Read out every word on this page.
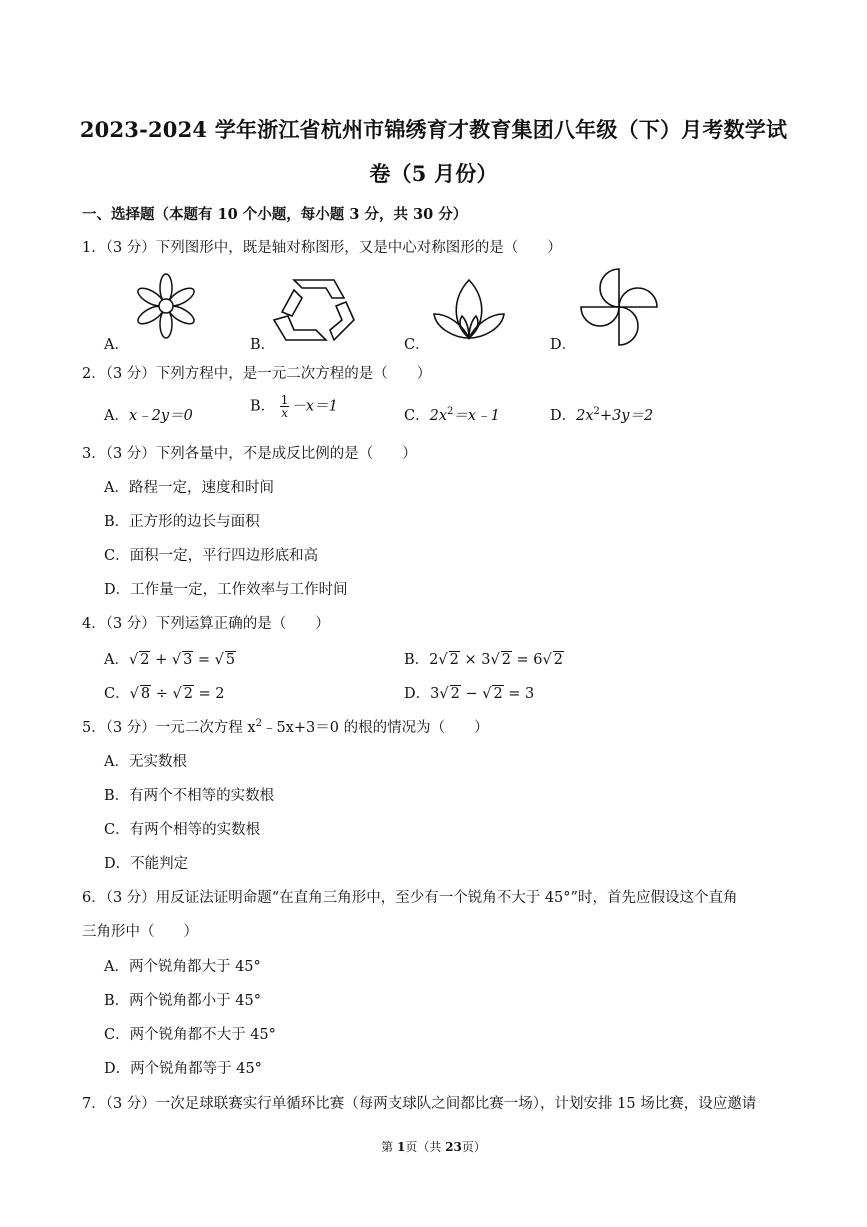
2023-2024 学年浙江省杭州市锦绣育才教育集团八年级（下）月考数学试
卷（5 月份）
一、选择题（本题有 10 个小题，每小题 3 分，共 30 分）
1．（3 分）下列图形中，既是轴对称图形，又是中心对称图形的是（　　）
A．	B．	C．	D．
2．（3 分）下列方程中，是一元二次方程的是（　　）
A．x﹣2y＝0
B． $\frac{1}{x} -x=1$
C．$2x^2=x﹣1$	D．$2x^2+3y=2$
3．（3 分）下列各量中，不是成反比例的是（　　）
A．路程一定，速度和时间
B．正方形的边长与面积
C．面积一定，平行四边形底和高
D．工作量一定，工作效率与工作时间
4．（3 分）下列运算正确的是（　　）
A．√ 2 + √ 3 = √ 5	B．2√ 2 × 3√ 2 = 6√ 2
C．√ 8 ÷ √ 2 = 2	D．3√ 2 − √ 2 = 3
5．（3 分）一元二次方程 $x^2﹣5x+3=0$ 的根的情况为（　　）
A．无实数根
B．有两个不相等的实数根
C．有两个相等的实数根
D．不能判定
6．（3 分）用反证法证明命题“在直角三角形中，至少有一个锐角不大于 45°”时，首先应假设这个直角
三角形中（　　）
A．两个锐角都大于 45°
B．两个锐角都小于 45°
C．两个锐角都不大于 45°
D．两个锐角都等于 45°
7．（3 分）一次足球联赛实行单循环比赛（每两支球队之间都比赛一场），计划安排 15 场比赛，设应邀请
第 1页（共 23页）
